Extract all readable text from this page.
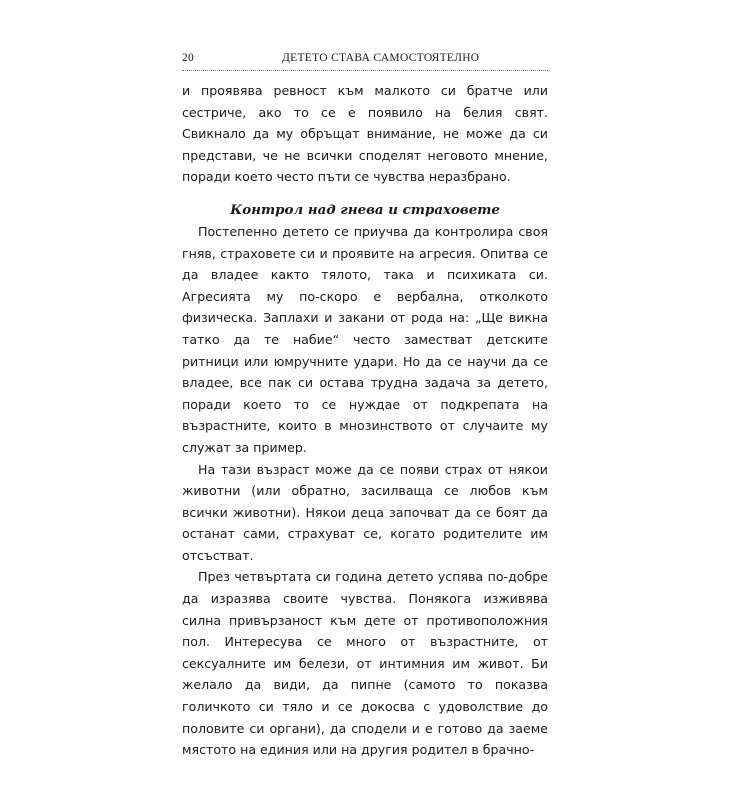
20	ДЕТЕТО СТАВА САМОСТОЯТЕЛНО

и проявява ревност към малкото си братче или сестриче, ако то се е появило на белия свят. Свикнало да му обръщат внимание, не може да си представи, че не всички споделят неговото мнение, поради което често пъти се чувства неразбрано.

Контрол над гнева и страховете

Постепенно детето се приучва да контролира своя гняв, страховете си и проявите на агресия. Опитва се да владее както тялото, така и психиката си. Агресията му по-скоро е вербална, отколкото физическа. Заплахи и закани от рода на: „Ще викна татко да те набие“ често заместват детските ритници или юмручните удари. Но да се научи да се владее, все пак си остава трудна задача за детето, поради което то се нуждае от подкрепата на възрастните, които в мнозинството от случаите му служат за пример.

На тази възраст може да се появи страх от някои животни (или обратно, засилваща се любов към всички животни). Някои деца започват да се боят да останат сами, страхуват се, когато родителите им отсъстват.

През четвъртата си година детето успява по-добре да изразява своите чувства. Понякога изживява силна привързаност към дете от противоположния пол. Интересува се много от възрастните, от сексуалните им белези, от интимния им живот. Би желало да види, да пипне (самото то показва голичкото си тяло и се докосва с удоволствие до половите си органи), да сподели и е готово да заеме мястото на единия или на другия родител в брачно-
